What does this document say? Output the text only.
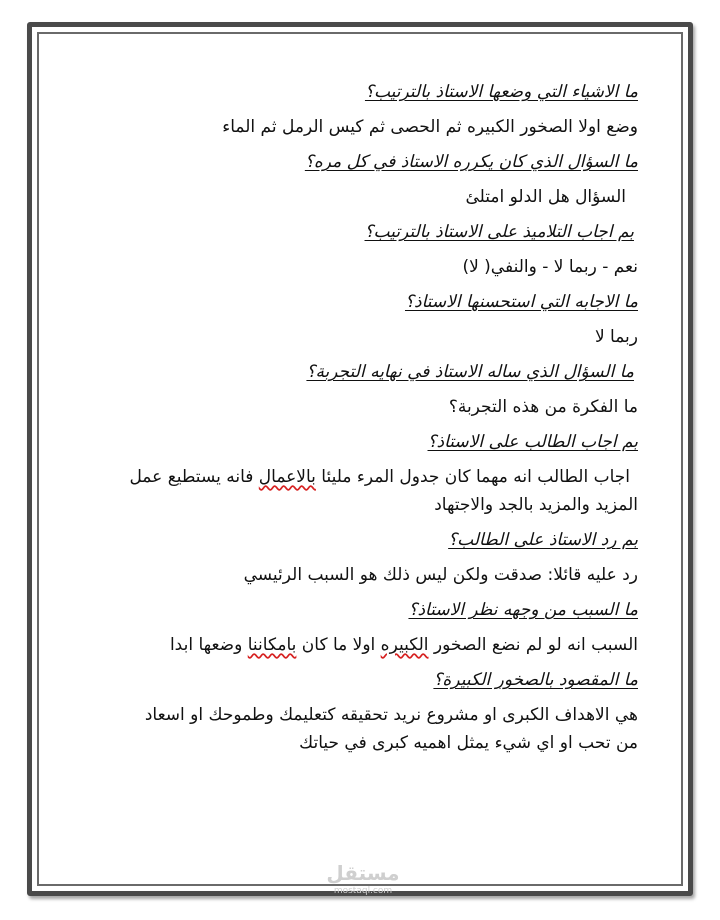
ما الاشياء التي وضعها الاستاذ بالترتيب؟
وضع اولا الصخور الكبيره ثم الحصى ثم كيس الرمل ثم الماء
ما السؤال الذي كان يكرره الاستاذ في كل مره؟
السؤال هل الدلو امتلئ
بم اجاب التلاميذ على الاستاذ بالترتيب؟
نعم - ربما لا - والنفي( لا)
ما الاجابه التي استحسنها الاستاذ؟
ربما لا
ما السؤال الذي ساله الاستاذ في نهايه التجربة؟
ما الفكرة من هذه التجربة؟
بم اجاب الطالب على الاستاذ؟
اجاب الطالب انه مهما كان جدول المرء مليئا بالاعمال فانه يستطيع عمل
المزيد والمزيد بالجد والاجتهاد
بم رد الاستاذ على الطالب؟
رد عليه قائلا: صدقت ولكن ليس ذلك هو السبب الرئيسي
ما السبب من وجهه نظر الاستاذ؟
السبب انه لو لم نضع الصخور الكبيره اولا ما كان بامكاننا وضعها ابدا
ما المقصود بالصخور الكبيرة؟
هي الاهداف الكبرى او مشروع نريد تحقيقه كتعليمك وطموحك او اسعاد
من تحب او اي شيء يمثل اهميه كبرى في حياتك
مستقل
mostaql.com
